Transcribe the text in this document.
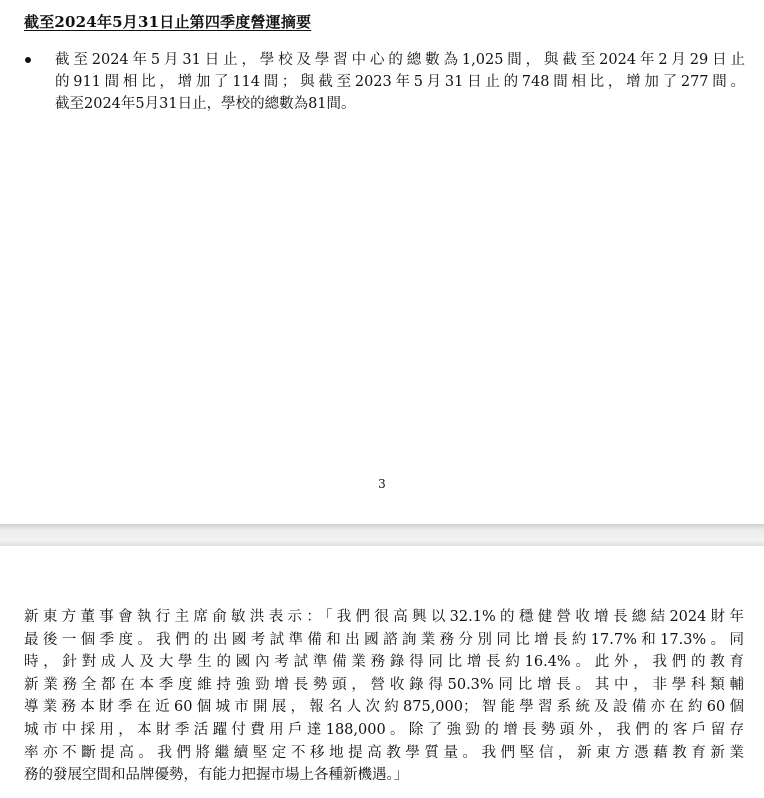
截至2024年5月31日止第四季度營運摘要
截至2024年5月31日止，學校及學習中心的總數為1,025間，與截至2024年2月29日止
的911間相比，增加了114間；與截至2023年5月31日止的748間相比，增加了277間。
截至2024年5月31日止，學校的總數為81間。
3
新東方董事會執行主席俞敏洪表示：「我們很高興以32.1%的穩健營收增長總結2024財年
最後一個季度。我們的出國考試準備和出國諮詢業務分別同比增長約17.7%和17.3%。同
時，針對成人及大學生的國內考試準備業務錄得同比增長約16.4%。此外，我們的教育
新業務全都在本季度維持強勁增長勢頭，營收錄得50.3%同比增長。其中，非學科類輔
導業務本財季在近60個城市開展，報名人次約875,000；智能學習系統及設備亦在約60個
城市中採用，本財季活躍付費用戶達188,000。除了強勁的增長勢頭外，我們的客戶留存
率亦不斷提高。我們將繼續堅定不移地提高教學質量。我們堅信，新東方憑藉教育新業
務的發展空間和品牌優勢，有能力把握市場上各種新機遇。」
